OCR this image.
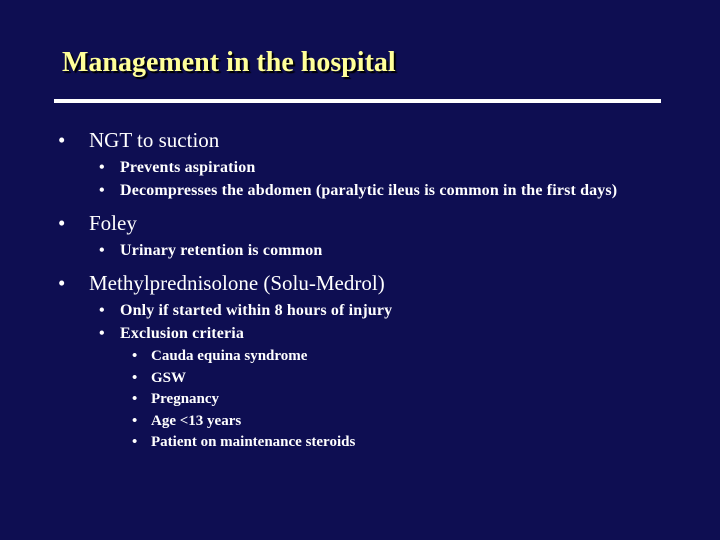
Management in the hospital
• NGT to suction
• Prevents aspiration
• Decompresses the abdomen (paralytic ileus is common in the first days)
• Foley
• Urinary retention is common
• Methylprednisolone (Solu-Medrol)
• Only if started within 8 hours of injury
• Exclusion criteria
• Cauda equina syndrome
• GSW
• Pregnancy
• Age <13 years
• Patient on maintenance steroids
